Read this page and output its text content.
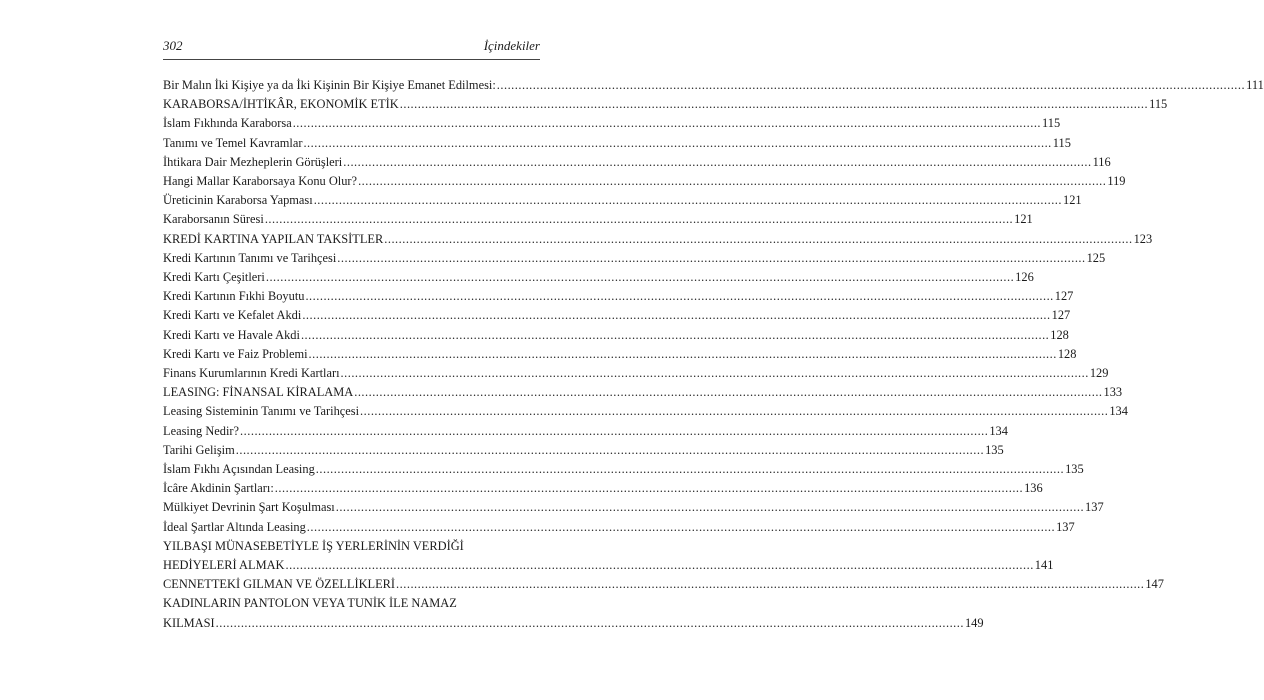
302	İçindekiler
Bir Malın İki Kişiye ya da İki Kişinin Bir Kişiye Emanet Edilmesi: .....	111
KARABORSA/İHTİKÂR, EKONOMİK ETİK .....	115
İslam Fıkhında Karaborsa .....	115
Tanımı ve Temel Kavramlar .....	115
İhtikara Dair Mezheplerin Görüşleri .....	116
Hangi Mallar Karaborsaya Konu Olur? .....	119
Üreticinin Karaborsa Yapması .....	121
Karaborsanın Süresi .....	121
KREDİ KARTINA YAPILAN TAKSİTLER .....	123
Kredi Kartının Tanımı ve Tarihçesi .....	125
Kredi Kartı Çeşitleri .....	126
Kredi Kartının Fıkhi Boyutu .....	127
Kredi Kartı ve Kefalet Akdi .....	127
Kredi Kartı ve Havale Akdi .....	128
Kredi Kartı ve Faiz Problemi .....	128
Finans Kurumlarının Kredi Kartları .....	129
LEASING: FİNANSAL KİRALAMA .....	133
Leasing Sisteminin Tanımı ve Tarihçesi .....	134
Leasing Nedir? .....	134
Tarihi Gelişim .....	135
İslam Fıkhı Açısından Leasing .....	135
İcâre Akdinin Şartları: .....	136
Mülkiyet Devrinin Şart Koşulması .....	137
İdeal Şartlar Altında Leasing .....	137
YILBAŞI MÜNASEBETİYLE İŞ YERLERİNİN VERDİĞİ
HEDİYELERİ ALMAK .....	141
CENNETTEKİ GILMAN VE ÖZELLİKLERİ .....	147
KADINLARIN PANTOLON VEYA TUNİK İLE NAMAZ
KILMASI .....	149
